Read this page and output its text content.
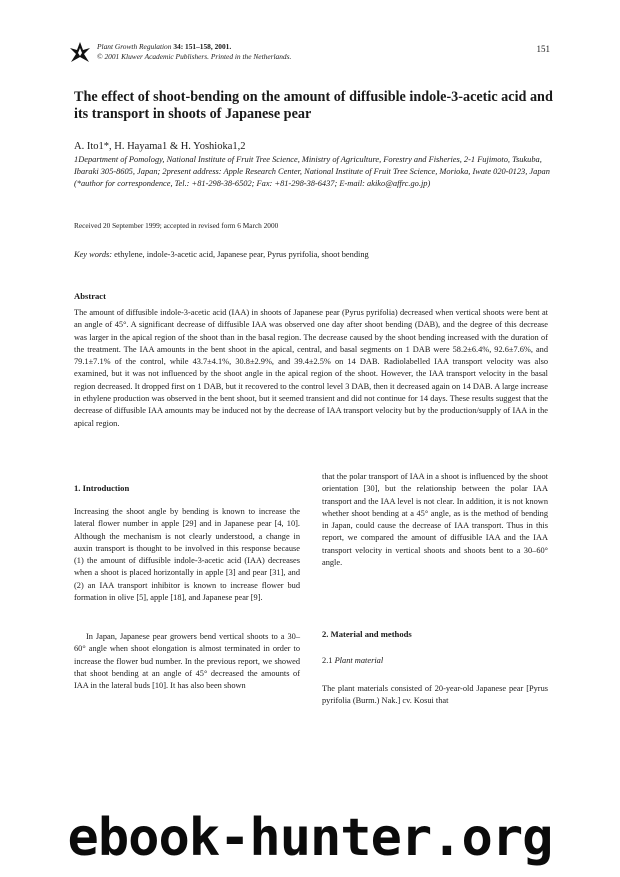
Plant Growth Regulation 34: 151–158, 2001.
© 2001 Kluwer Academic Publishers. Printed in the Netherlands.
151
The effect of shoot-bending on the amount of diffusible indole-3-acetic acid and its transport in shoots of Japanese pear
A. Ito1*, H. Hayama1 & H. Yoshioka1,2
1Department of Pomology, National Institute of Fruit Tree Science, Ministry of Agriculture, Forestry and Fisheries, 2-1 Fujimoto, Tsukuba, Ibaraki 305-8605, Japan; 2present address: Apple Research Center, National Institute of Fruit Tree Science, Morioka, Iwate 020-0123, Japan (*author for correspondence, Tel.: +81-298-38-6502; Fax: +81-298-38-6437; E-mail: akiko@affrc.go.jp)
Received 20 September 1999; accepted in revised form 6 March 2000
Key words: ethylene, indole-3-acetic acid, Japanese pear, Pyrus pyrifolia, shoot bending
Abstract

The amount of diffusible indole-3-acetic acid (IAA) in shoots of Japanese pear (Pyrus pyrifolia) decreased when vertical shoots were bent at an angle of 45°. A significant decrease of diffusible IAA was observed one day after shoot bending (DAB), and the degree of this decrease was larger in the apical region of the shoot than in the basal region. The decrease caused by the shoot bending increased with the duration of the treatment. The IAA amounts in the bent shoot in the apical, central, and basal segments on 1 DAB were 58.2±6.4%, 92.6±7.6%, and 79.1±7.1% of the control, while 43.7±4.1%, 30.8±2.9%, and 39.4±2.5% on 14 DAB. Radiolabelled IAA transport velocity was also examined, but it was not influenced by the shoot angle in the apical region of the shoot. However, the IAA transport velocity in the basal region decreased. It dropped first on 1 DAB, but it recovered to the control level 3 DAB, then it decreased again on 14 DAB. A large increase in ethylene production was observed in the bent shoot, but it seemed transient and did not continue for 14 days. These results suggest that the decrease of diffusible IAA amounts may be induced not by the decrease of IAA transport velocity but by the production/supply of IAA in the apical region.

1. Introduction

Increasing the shoot angle by bending is known to increase the lateral flower number in apple [29] and in Japanese pear [4, 10]. Although the mechanism is not clearly understood, a change in auxin transport is thought to be involved in this response because (1) the amount of diffusible indole-3-acetic acid (IAA) decreases when a shoot is placed horizontally in apple [3] and pear [31], and (2) an IAA transport inhibitor is known to increase flower bud formation in olive [5], apple [18], and Japanese pear [9].

In Japan, Japanese pear growers bend vertical shoots to a 30–60° angle when shoot elongation is almost terminated in order to increase the flower bud number. In the previous report, we showed that shoot bending at an angle of 45° decreased the amounts of IAA in the lateral buds [10]. It has also been shown

that the polar transport of IAA in a shoot is influenced by the shoot orientation [30], but the relationship between the polar IAA transport and the IAA level is not clear. In addition, it is not known whether shoot bending at a 45° angle, as is the method of bending in Japan, could cause the decrease of IAA transport. Thus in this report, we compared the amount of diffusible IAA and the IAA transport velocity in vertical shoots and shoots bent to a 30–60° angle.

2. Material and methods
2.1 Plant material

The plant materials consisted of 20-year-old Japanese pear [Pyrus pyrifolia (Burm.) Nak.] cv. Kosui that

ebook-hunter.org
